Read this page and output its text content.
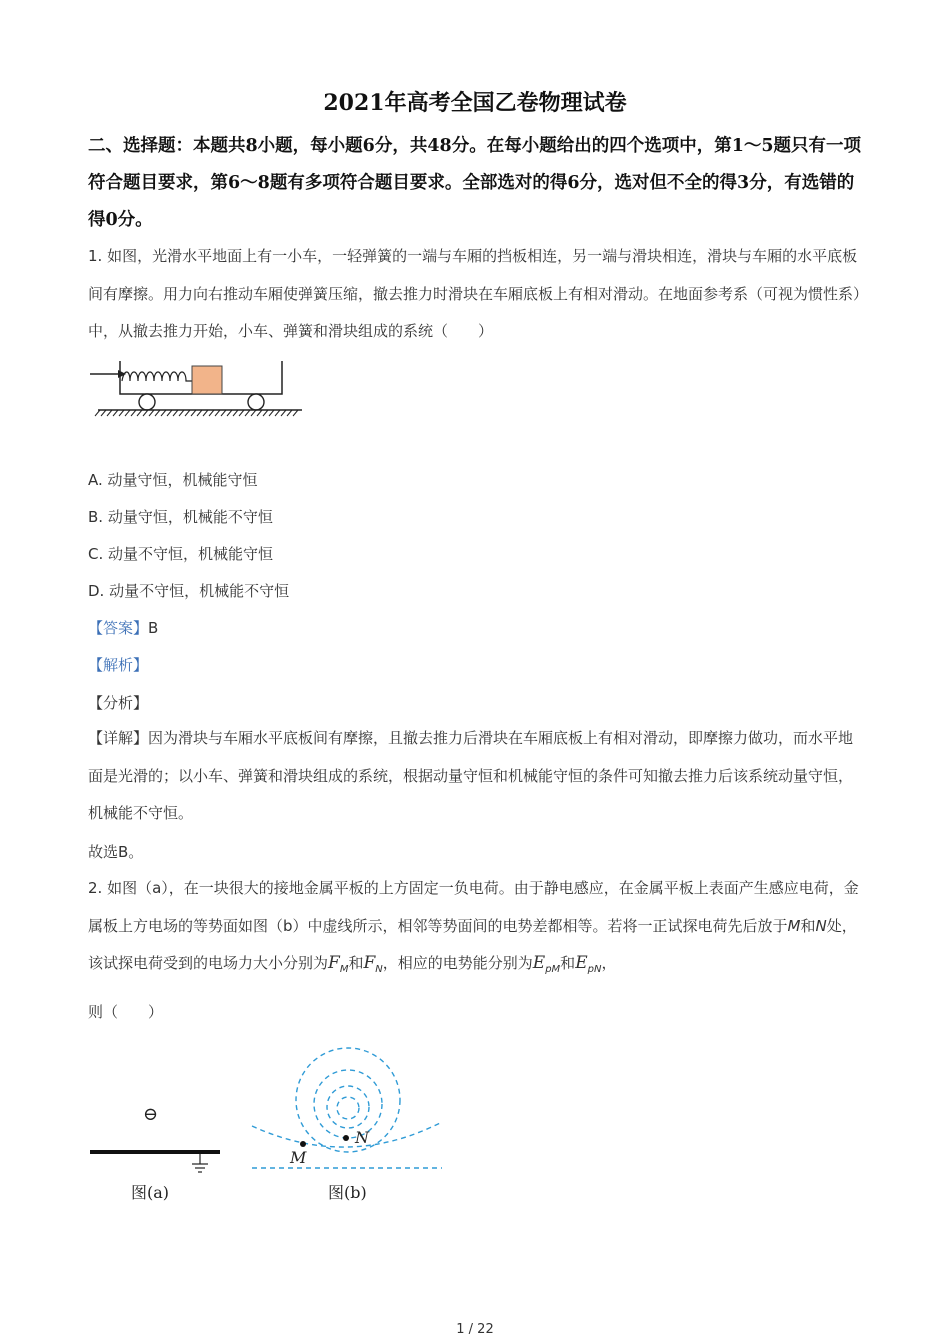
2021年高考全国乙卷物理试卷
二、选择题：本题共8小题，每小题6分，共48分。在每小题给出的四个选项中，第1～5题只有一项符合题目要求，第6～8题有多项符合题目要求。全部选对的得6分，选对但不全的得3分，有选错的得0分。
1. 如图，光滑水平地面上有一小车，一轻弹簧的一端与车厢的挡板相连，另一端与滑块相连，滑块与车厢的水平底板间有摩擦。用力向右推动车厢使弹簧压缩，撤去推力时滑块在车厢底板上有相对滑动。在地面参考系（可视为惯性系）中，从撤去推力开始，小车、弹簧和滑块组成的系统（　　）
A. 动量守恒，机械能守恒
B. 动量守恒，机械能不守恒
C. 动量不守恒，机械能守恒
D. 动量不守恒，机械能不守恒
【答案】B
【解析】
【分析】
【详解】因为滑块与车厢水平底板间有摩擦，且撤去推力后滑块在车厢底板上有相对滑动，即摩擦力做功，而水平地面是光滑的；以小车、弹簧和滑块组成的系统，根据动量守恒和机械能守恒的条件可知撤去推力后该系统动量守恒，机械能不守恒。
故选B。
2. 如图（a），在一块很大的接地金属平板的上方固定一负电荷。由于静电感应，在金属平板上表面产生感应电荷，金属板上方电场的等势面如图（b）中虚线所示，相邻等势面间的电势差都相等。若将一正试探电荷先后放于M和N处，该试探电荷受到的电场力大小分别为$F_M$和$F_N$，相应的电势能分别为$E_{pM}$和$E_{pN}$，
则（　　）
⊖
图(a)
M
N
图(b)
1 / 22
